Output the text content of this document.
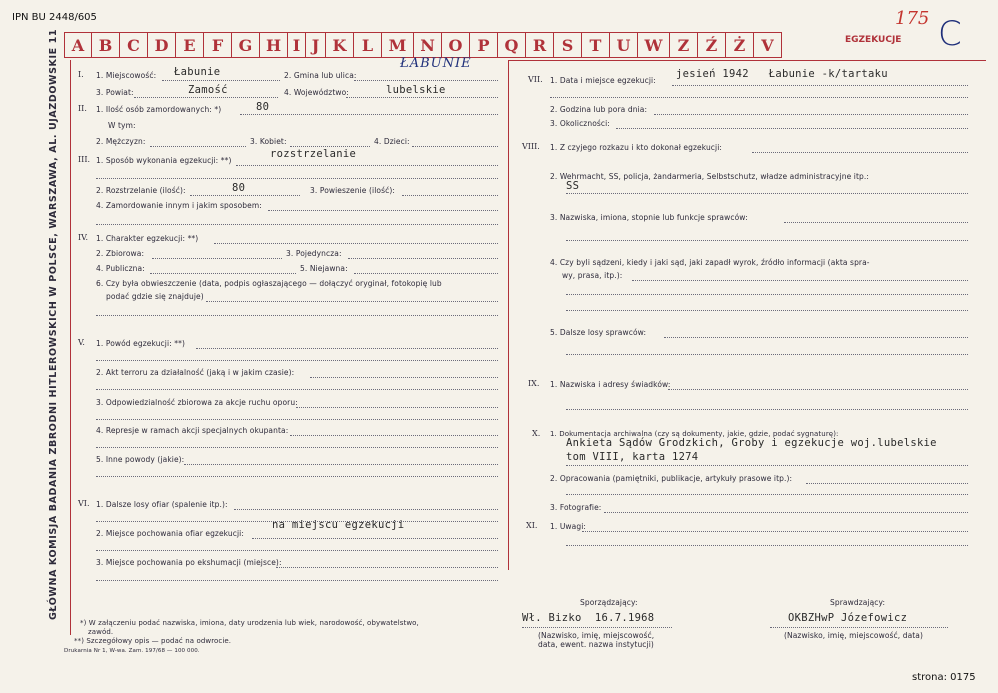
IPN BU 2448/605
A B C D E	F G H I J K L M N O P Q R S	T U W Z	Ź	Ż V
175
EGZEKUCJE C
ŁABUNIE
GŁÓWNA KOMISJA BADANIA ZBRODNI HITLEROWSKICH W POLSCE, WARSZAWA, AL. UJAZDOWSKIE 11 I. 1. Miejscowość: Łabunie	2. Gmina lub ulica:
3. Powiat:	Zamość	4. Województwo:	lubelskie
II. 1. Ilość osób zamordowanych: *)	80
W tym:
2. Mężczyzn:	3. Kobiet:	4. Dzieci:
III. 1. Sposób wykonania egzekucji: **)
rozstrzelanie
2. Rozstrzelanie (ilość):	80	3. Powieszenie (ilość):
4. Zamordowanie innym i jakim sposobem:
IV. 1. Charakter egzekucji: **)
2. Zbiorowa:	3. Pojedyncza:
4. Publiczna:	5. Niejawna:
6. Czy była obwieszczenie (data, podpis ogłaszającego — dołączyć oryginał, fotokopię lub
podać gdzie się znajduje)
V. 1. Powód egzekucji: **)
2. Akt terroru za działalność (jaką i w jakim czasie):
3. Odpowiedzialność zbiorowa za akcje ruchu oporu:
4. Represje w ramach akcji specjalnych okupanta:
5. Inne powody (jakie):
VI. 1. Dalsze losy ofiar (spalenie itp.):
2. Miejsce pochowania ofiar egzekucji:
na miejscu egzekucji
3. Miejsce pochowania po ekshumacji (miejsce):
*) W załączeniu podać nazwiska, imiona, daty urodzenia lub wiek, narodowość, obywatelstwo,
zawód.
**) Szczegółowy opis — podać na odwrocie.
Drukarnia Nr 1, W-wa. Zam. 197/68 — 100 000.
VII. 1. Data i miejsce egzekucji:
jesień 1942   Łabunie -k/tartaku
2. Godzina lub pora dnia:
3. Okoliczności:
VIII. 1. Z czyjego rozkazu i kto dokonał egzekucji:
2. Wehrmacht, SS, policja, żandarmeria, Selbstschutz, władze administracyjne itp.:
SS
3. Nazwiska, imiona, stopnie lub funkcje sprawców:
4. Czy byli sądzeni, kiedy i jaki sąd, jaki zapadł wyrok, źródło informacji (akta spra-
wy, prasa, itp.):
5. Dalsze losy sprawców:
IX. 1. Nazwiska i adresy świadków:
X. 1. Dokumentacja archiwalna (czy są dokumenty, jakie, gdzie, podać sygnaturę):
Ankieta Sądów Grodzkich, Groby i egzekucje woj.lubelskie
tom VIII, karta 1274
2. Opracowania (pamiętniki, publikacje, artykuły prasowe itp.):
3. Fotografie:
XI. 1. Uwagi:
Sporządzający:
Wł. Bizko  16.7.1968
(Nazwisko, imię, miejscowość,
data, ewent. nazwa instytucji)
Sprawdzający:
OKBZHwP Józefowicz
(Nazwisko, imię, miejscowość, data)
strona: 0175
